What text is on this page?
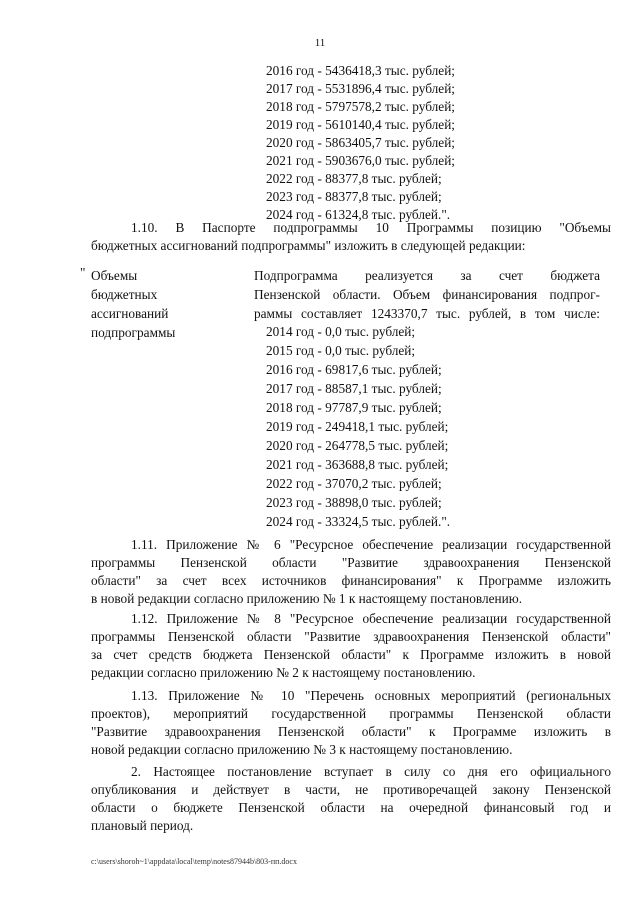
11
2016 год - 5436418,3 тыс. рублей;
2017 год - 5531896,4 тыс. рублей;
2018 год - 5797578,2 тыс. рублей;
2019 год - 5610140,4 тыс. рублей;
2020 год - 5863405,7 тыс. рублей;
2021 год - 5903676,0 тыс. рублей;
2022 год - 88377,8 тыс. рублей;
2023 год - 88377,8 тыс. рублей;
2024 год - 61324,8 тыс. рублей.".
1.10. В Паспорте подпрограммы 10 Программы позицию "Объемы
бюджетных ассигнований подпрограммы" изложить в следующей редакции:
" Объемы
бюджетных
ассигнований
подпрограммы
Подпрограмма реализуется за счет бюджета
Пензенской области. Объем финансирования подпрог-
раммы составляет 1243370,7 тыс. рублей, в том числе:
2014 год - 0,0 тыс. рублей;
2015 год - 0,0 тыс. рублей;
2016 год - 69817,6 тыс. рублей;
2017 год - 88587,1 тыс. рублей;
2018 год - 97787,9 тыс. рублей;
2019 год - 249418,1 тыс. рублей;
2020 год - 264778,5 тыс. рублей;
2021 год - 363688,8 тыс. рублей;
2022 год - 37070,2 тыс. рублей;
2023 год - 38898,0 тыс. рублей;
2024 год - 33324,5 тыс. рублей.".
1.11. Приложение № 6 "Ресурсное обеспечение реализации государственной
программы Пензенской области "Развитие здравоохранения Пензенской
области" за счет всех источников финансирования" к Программе изложить
в новой редакции согласно приложению № 1 к настоящему постановлению.
1.12. Приложение № 8 "Ресурсное обеспечение реализации государственной
программы Пензенской области "Развитие здравоохранения Пензенской области"
за счет средств бюджета Пензенской области" к Программе изложить в новой
редакции согласно приложению № 2 к настоящему постановлению.
1.13. Приложение № 10 "Перечень основных мероприятий (региональных
проектов), мероприятий государственной программы Пензенской области
"Развитие здравоохранения Пензенской области" к Программе изложить в
новой редакции согласно приложению № 3 к настоящему постановлению.
2. Настоящее постановление вступает в силу со дня его официального
опубликования и действует в части, не противоречащей закону Пензенской
области о бюджете Пензенской области на очередной финансовый год и
плановый период.
c:\users\shoroh~1\appdata\local\temp\notes87944b\803-пп.docx
